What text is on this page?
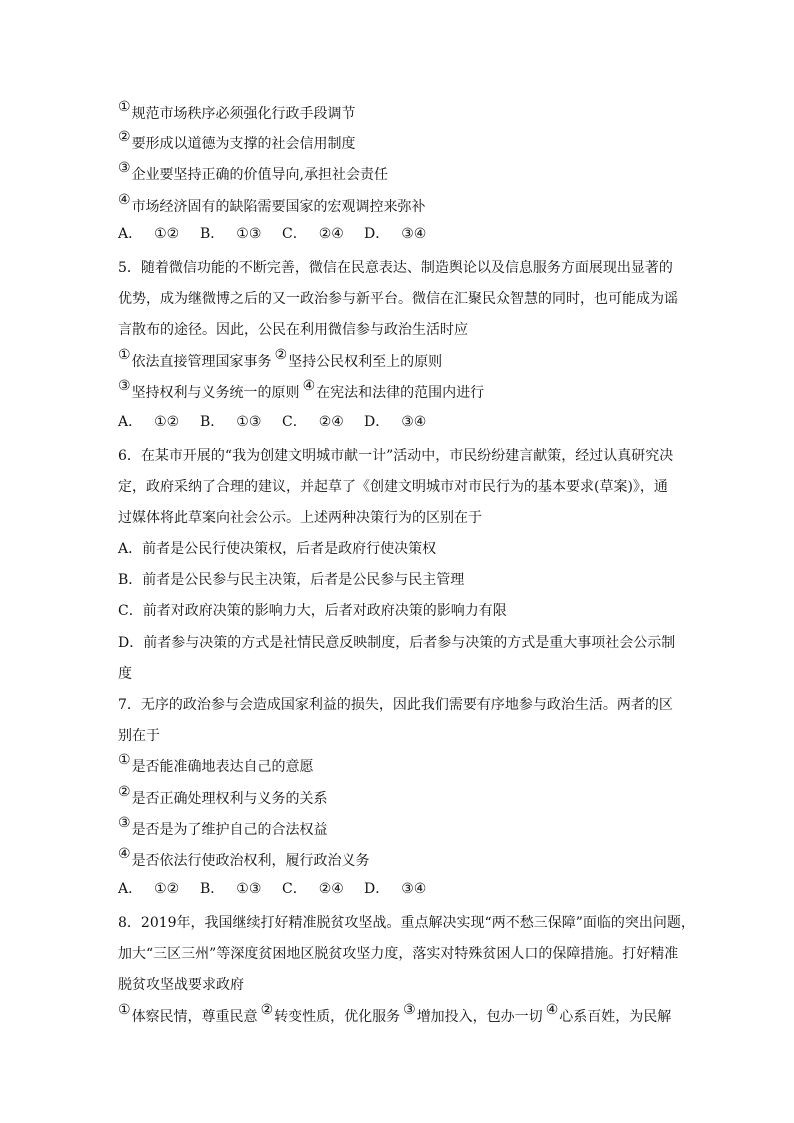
①规范市场秩序必须强化行政手段调节
②要形成以道德为支撑的社会信用制度
③企业要坚持正确的价值导向,承担社会责任
④市场经济固有的缺陷需要国家的宏观调控来弥补
A． ①② B． ①③ C． ②④ D． ③④
5．随着微信功能的不断完善，微信在民意表达、制造舆论以及信息服务方面展现出显著的
优势，成为继微博之后的又一政治参与新平台。微信在汇聚民众智慧的同时，也可能成为谣
言散布的途径。因此，公民在利用微信参与政治生活时应
①依法直接管理国家事务 ②坚持公民权利至上的原则
③坚持权利与义务统一的原则 ④在宪法和法律的范围内进行
A． ①② B． ①③ C． ②④ D． ③④
6．在某市开展的“我为创建文明城市献一计”活动中，市民纷纷建言献策，经过认真研究决
定，政府采纳了合理的建议，并起草了《创建文明城市对市民行为的基本要求(草案)》，通
过媒体将此草案向社会公示。上述两种决策行为的区别在于
A．前者是公民行使决策权，后者是政府行使决策权
B．前者是公民参与民主决策，后者是公民参与民主管理
C．前者对政府决策的影响力大，后者对政府决策的影响力有限
D．前者参与决策的方式是社情民意反映制度，后者参与决策的方式是重大事项社会公示制
度
7．无序的政治参与会造成国家利益的损失，因此我们需要有序地参与政治生活。两者的区
别在于
①是否能准确地表达自己的意愿
②是否正确处理权利与义务的关系
③是否是为了维护自己的合法权益
④是否依法行使政治权利，履行政治义务
A． ①② B． ①③ C． ②④ D． ③④
8．2019年，我国继续打好精准脱贫攻坚战。重点解决实现“两不愁三保障”面临的突出问题，
加大“三区三州”等深度贫困地区脱贫攻坚力度，落实对特殊贫困人口的保障措施。打好精准
脱贫攻坚战要求政府
①体察民情，尊重民意 ②转变性质，优化服务 ③增加投入，包办一切 ④心系百姓，为民解
